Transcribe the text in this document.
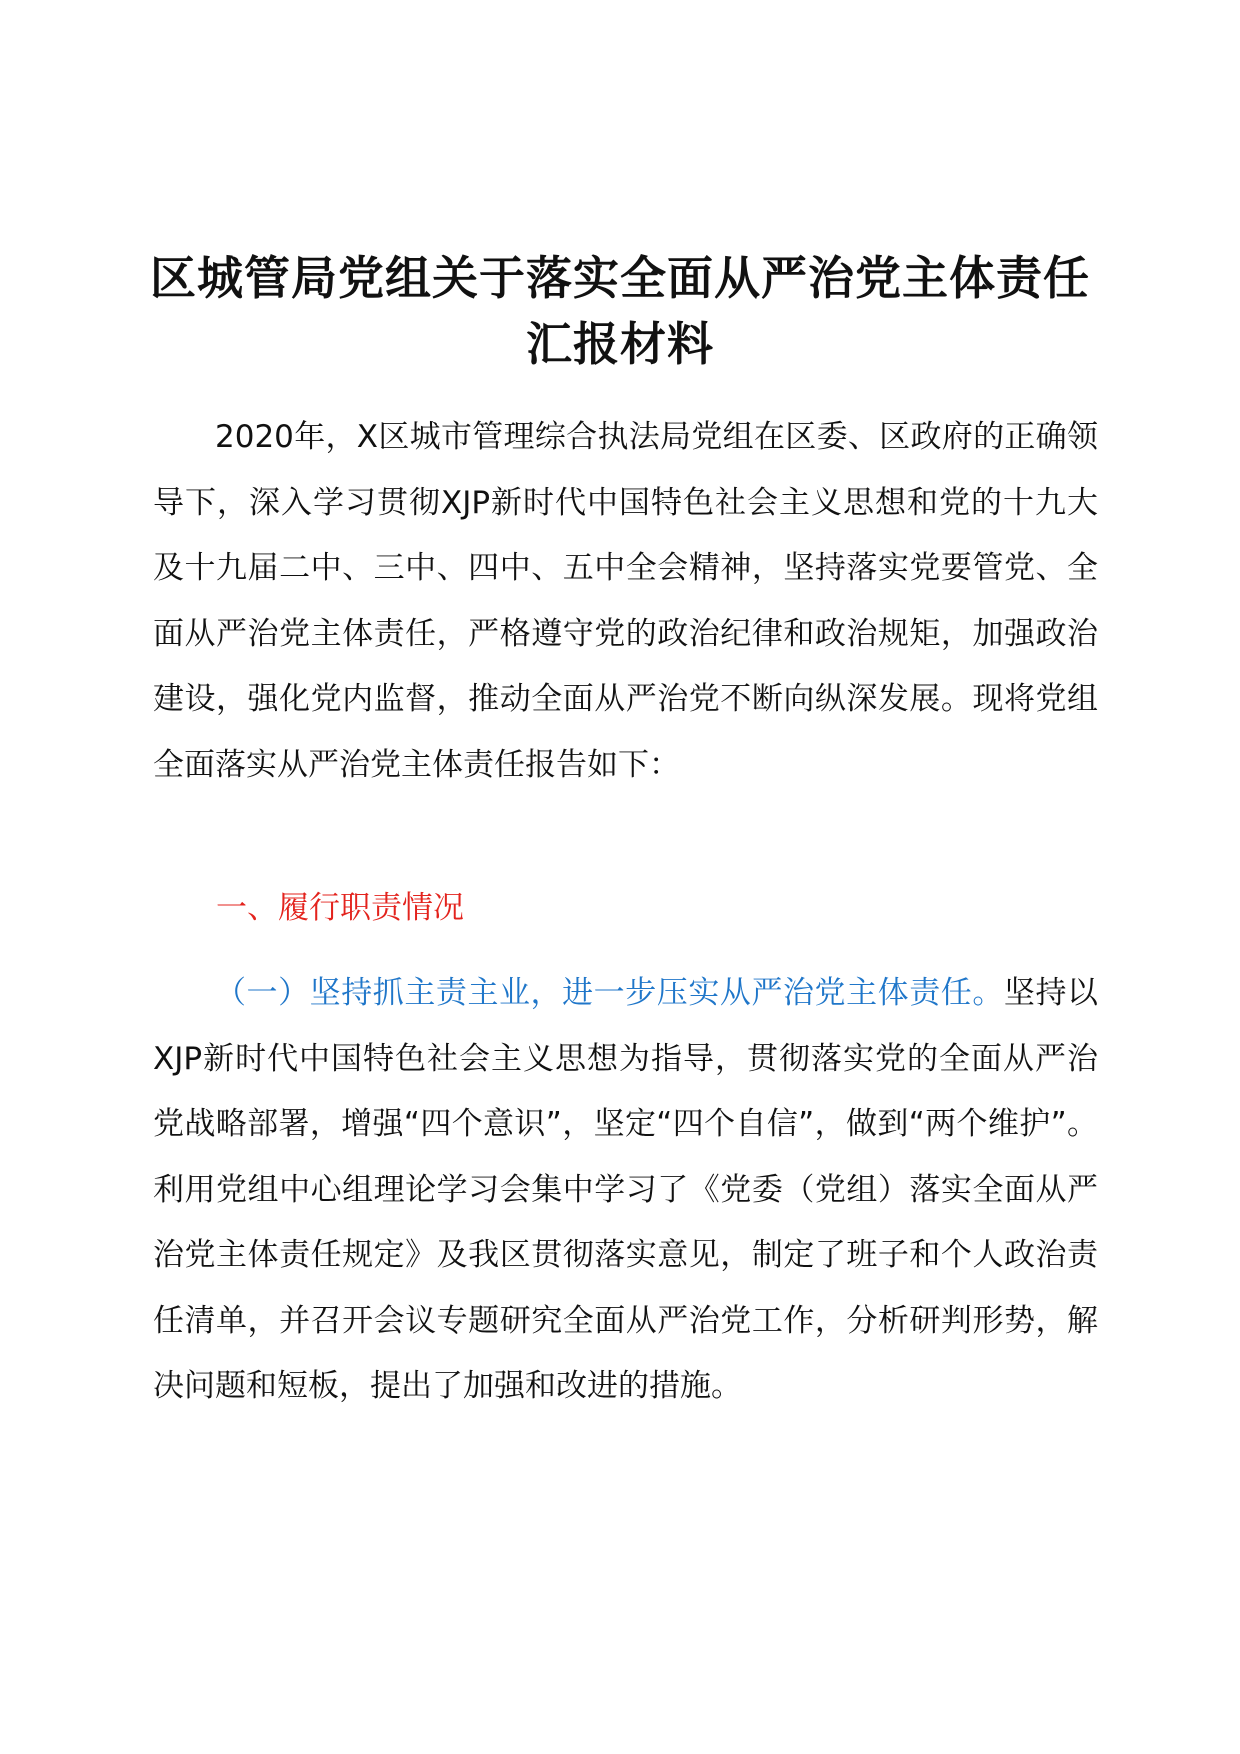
区城管局党组关于落实全面从严治党主体责任
汇报材料

2020年，X区城市管理综合执法局党组在区委、区政府的正确领导下，深入学习贯彻XJP新时代中国特色社会主义思想和党的十九大及十九届二中、三中、四中、五中全会精神，坚持落实党要管党、全面从严治党主体责任，严格遵守党的政治纪律和政治规矩，加强政治建设，强化党内监督，推动全面从严治党不断向纵深发展。现将党组全面落实从严治党主体责任报告如下：

一、履行职责情况

（一）坚持抓主责主业，进一步压实从严治党主体责任。坚持以XJP新时代中国特色社会主义思想为指导，贯彻落实党的全面从严治党战略部署，增强“四个意识”，坚定“四个自信”，做到“两个维护”。利用党组中心组理论学习会集中学习了《党委（党组）落实全面从严治党主体责任规定》及我区贯彻落实意见，制定了班子和个人政治责任清单，并召开会议专题研究全面从严治党工作，分析研判形势，解决问题和短板，提出了加强和改进的措施。
